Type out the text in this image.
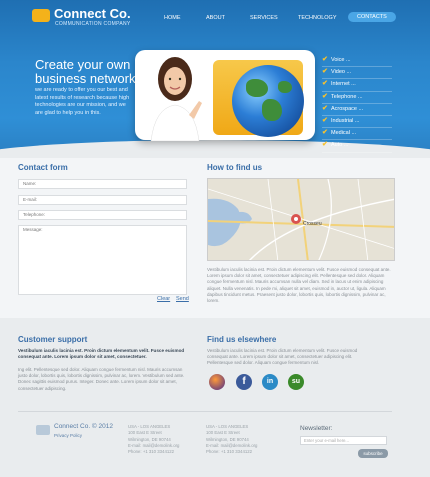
Connect Co.
COMMUNICATION COMPANY
HOME	ABOUT	SERVICES	TECHNOLOGY	CONTACTS
Create your own business network
we are ready to offer you our best and latest results of research because high technologies are our mission, and we are glad to help you in this.
✔ Voice ...
✔ Video ...
✔ Internet ...
✔ Telephone ...
✔ Acrospace ...
✔ Industrial ...
✔ Medical ...
✔ Auto ...
Contact form
Name:
E-mail:
Telephone:
Message:
Clear Send
How to find us
Crosseu
Vestibulum iaculis lacinia est. Proin dictum elementum velit. Fusce euismod consequat ante. Lorem ipsum dolor sit amet, consectetuer adipiscing elit. Pellentesque sed dolor. Aliquam congue fermentum nisl. Mauris accumsan nulla vel diam. Sed in lacus ut enim adipiscing aliquet. Nulla venenatis. In pede mi, aliquet sit amet, euismod in, auctor ut, ligula. Aliquam dapibus tincidunt metus. Praesent justo dolor, lobortis quis, lobortis dignissim, pulvinar ac, lorem.
Customer support
Vestibulum iaculis lacinia est. Proin dictum elementum velit. Fusce euismod consequat ante. Lorem ipsum dolor sit amet, consectetuer.
Ing elit. Pellentesque sed dolor. Aliquam congue fermentum nisl. Mauris accumsan justo dolor, lobortis quis, lobortis dignissim, pulvinar ac, lorem. Vestibulum sed ante. Donec sagittis euismod purus. Integer. Donec ante. Lorem ipsum dolor sit amet, consectetuer adipiscing.
Find us elsewhere
Vestibulum iaculis lacinia est. Proin dictum elementum velit. Fusce euismod consequat ante. Lorem ipsum dolor sit amet, consectetuer adipiscing elit. Pellentesque sed dolor. Aliquam congue fermentum nisl.
f	in	su
Connect Co. © 2012
Privacy Policy
USA - LOS ANGELES
100 East E Street
Wilmington, DE 90744
E-mail: mail@demolink.org
Phone: +1 310 3344122
USA - LOS ANGELES
100 East E Street
Wilmington, DE 90744
E-mail: mail@demolink.org
Phone: +1 310 3344122
Newsletter:
Enter your e-mail here...
subscribe
